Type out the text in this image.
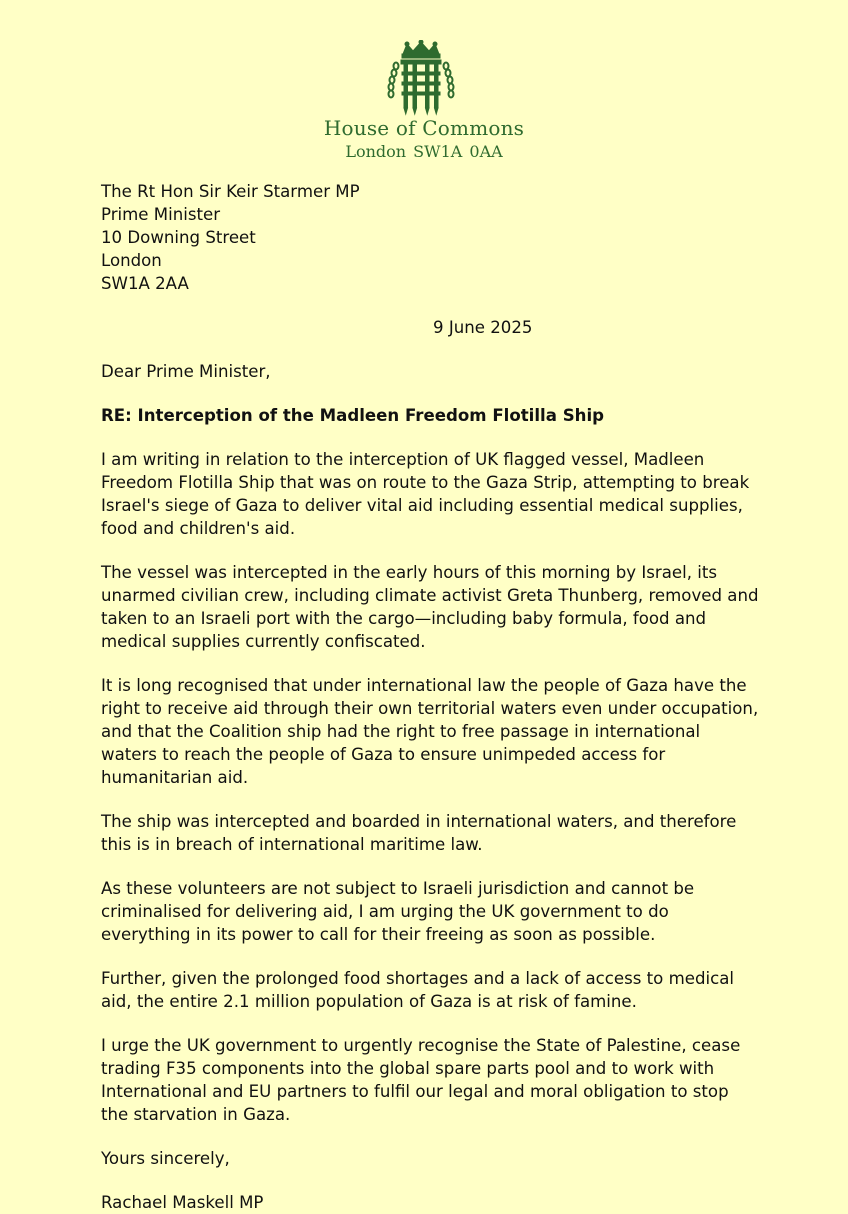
House of Commons
London SW1A 0AA
The Rt Hon Sir Keir Starmer MP
Prime Minister
10 Downing Street
London
SW1A 2AA
9 June 2025
Dear Prime Minister,
RE: Interception of the Madleen Freedom Flotilla Ship
I am writing in relation to the interception of UK flagged vessel, Madleen Freedom Flotilla Ship that was on route to the Gaza Strip, attempting to break Israel's siege of Gaza to deliver vital aid including essential medical supplies, food and children's aid.
The vessel was intercepted in the early hours of this morning by Israel, its unarmed civilian crew, including climate activist Greta Thunberg, removed and taken to an Israeli port with the cargo—including baby formula, food and medical supplies currently confiscated.
It is long recognised that under international law the people of Gaza have the right to receive aid through their own territorial waters even under occupation, and that the Coalition ship had the right to free passage in international waters to reach the people of Gaza to ensure unimpeded access for humanitarian aid.
The ship was intercepted and boarded in international waters, and therefore this is in breach of international maritime law.
As these volunteers are not subject to Israeli jurisdiction and cannot be criminalised for delivering aid, I am urging the UK government to do everything in its power to call for their freeing as soon as possible.
Further, given the prolonged food shortages and a lack of access to medical aid, the entire 2.1 million population of Gaza is at risk of famine.
I urge the UK government to urgently recognise the State of Palestine, cease trading F35 components into the global spare parts pool and to work with International and EU partners to fulfil our legal and moral obligation to stop the starvation in Gaza.
Yours sincerely,
Rachael Maskell MP
